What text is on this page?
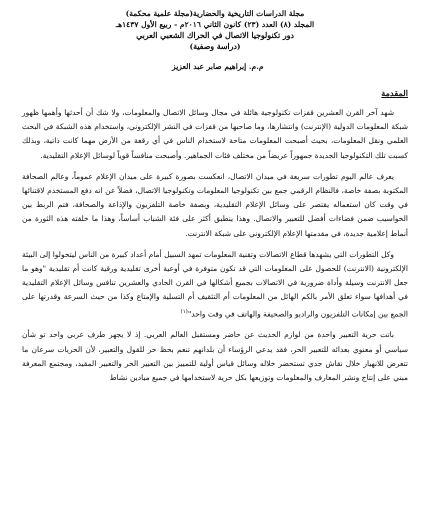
مجلة الدراسات التاريخية والحضارية(مجلة علمية محكمة)
المجلد (٨) العدد (٢٣) كانون الثاني ٢٠١٦م - ربيع الأول ١٤٣٧هـ
دور تكنولوجيا الاتصال في الحراك الشعبي العربي
(دراسة وصفية)
م.م. إبراهيم صابر عبد العزيز
المقدمة

شهد آخر القرن العشرين قفزات تكنولوجية هائلة في مجال وسائل الاتصال والمعلومات، ولا شك أن أحدثها وأهمها ظهور شبكة المعلومات الدولية (الإنترنت) وانتشارها، وما صاحبها من قفزات في النشر الإلكتروني، واستخدام هذه الشبكة في البحث العلمي ونقل المعلومات، بحيث أصبحت المعلومات متاحة لاستخدام الناس في أي رقعة من الأرض مهما كانت ذاتية، وبذلك كسبت تلك التكنولوجيا الجديدة جمهوراً عريضاً من مختلف فئات الجماهير. وأصبحت منافساً قوياً لوسائل الإعلام التقليدية.

يعرف عالم اليوم تطورات سريعة في ميدان الاتصال، انعكست بصورة كبيرة على ميدان الإعلام عموماً، وعالم الصحافة المكتوبة بصفة خاصة، فالنظام الرقمي جمع بين تكنولوجيا المعلومات وتكنولوجيا الاتصال، فضلاً عن انه دفع المستخدم لاقتنائها في وقت كان استعماله يقتصر على وسائل الإعلام التقليدية، وبصفة خاصة التلفزيون والإذاعة والصحافة، فتم الربط بين الحواسيب ضمن فضاءات أفضل للتعبير والاتصال. وهذا ينطبق أكثر على فئة الشباب أساساً، وهذا ما خلقته هذه الثورة من أنماط إعلامية جديدة، في مقدمتها الإعلام الإلكتروني على شبكة الانترنت.

وكل التطورات التي يشهدها قطاع الاتصالات وتقنية المعلومات تمهد السبيل أمام أعداد كبيرة من الناس ليتحولوا إلى البيئة الإلكترونية (الانترنت) للحصول على المعلومات التي قد تكون متوفرة في أوعية أخرى تقليدية ورقية كانت أم تقليدية "وهو ما جعل الانترنت وسيلة وأداة ضرورية في الاتصالات بجميع أشكالها في القرن الحادي والعشرين تنافس وسائل الإعلام التقليدية في أهدافها سواء تعلق الأمر بالكم الهائل من المعلومات أم التثقيف أم التسلية والإمتاع وكذا من حيث السرعة وقدرتها على الجمع بين إمكانات التلفزيون والراديو والصحيفة والهاتف في وقت واحد"$^{(١)}$

باتت حرية التعبير واحدة من لوازم الحديث عن حاضر ومستقبل العالم العربي. إذ لا يجهر طرف عربي واحد تو شأن سياسي أو معنوي بعدائه للتعبير الحر، فقد يدعي الرؤساء أن بلدانهم تنعم بحظ حر للقول والتعبير، لأن الحريات سرعان ما تتعرض للانهيار خلال نقاش جدي تستحضر خلاله وسائل قياس أولية للتمييز بين التعبير الحر والتعبير المقيد، ومجتمع المعرفة مبني على إنتاج ونشر المعارف والمعلومات وتوزيعها بكل حرية لاستخدامها في جميع ميادين نشاط
